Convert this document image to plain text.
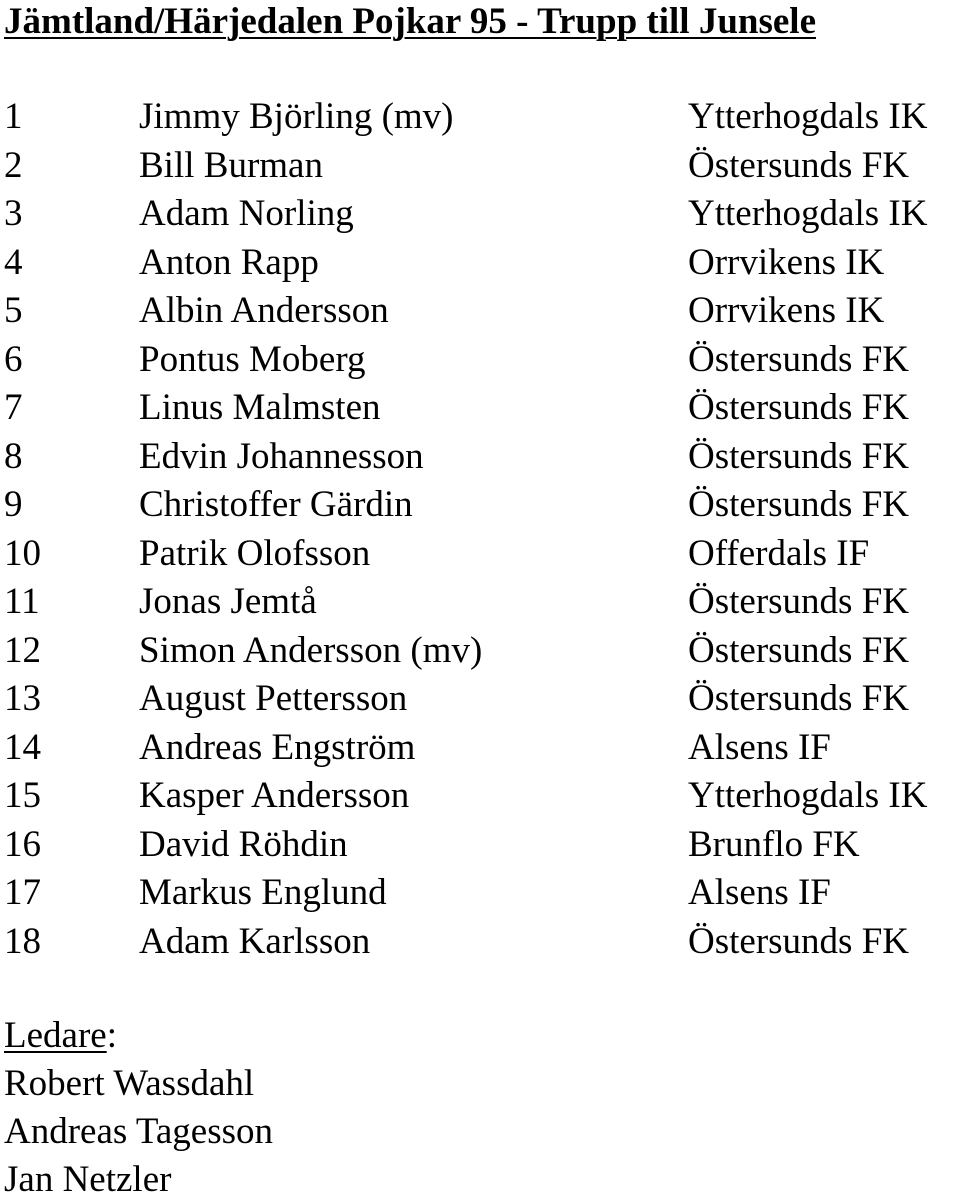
Jämtland/Härjedalen Pojkar 95 - Trupp till Junsele
1	Jimmy Björling (mv)	Ytterhogdals IK
2	Bill Burman	Östersunds FK
3	Adam Norling	Ytterhogdals IK
4	Anton Rapp	Orrvikens IK
5	Albin Andersson	Orrvikens IK
6	Pontus Moberg	Östersunds FK
7	Linus Malmsten	Östersunds FK
8	Edvin Johannesson	Östersunds FK
9	Christoffer Gärdin	Östersunds FK
10	Patrik Olofsson	Offerdals IF
11	Jonas Jemtå	Östersunds FK
12	Simon Andersson (mv)	Östersunds FK
13	August Pettersson	Östersunds FK
14	Andreas Engström	Alsens IF
15	Kasper Andersson	Ytterhogdals IK
16	David Röhdin	Brunflo FK
17	Markus Englund	Alsens IF
18	Adam Karlsson	Östersunds FK
Ledare:
Robert Wassdahl
Andreas Tagesson
Jan Netzler
